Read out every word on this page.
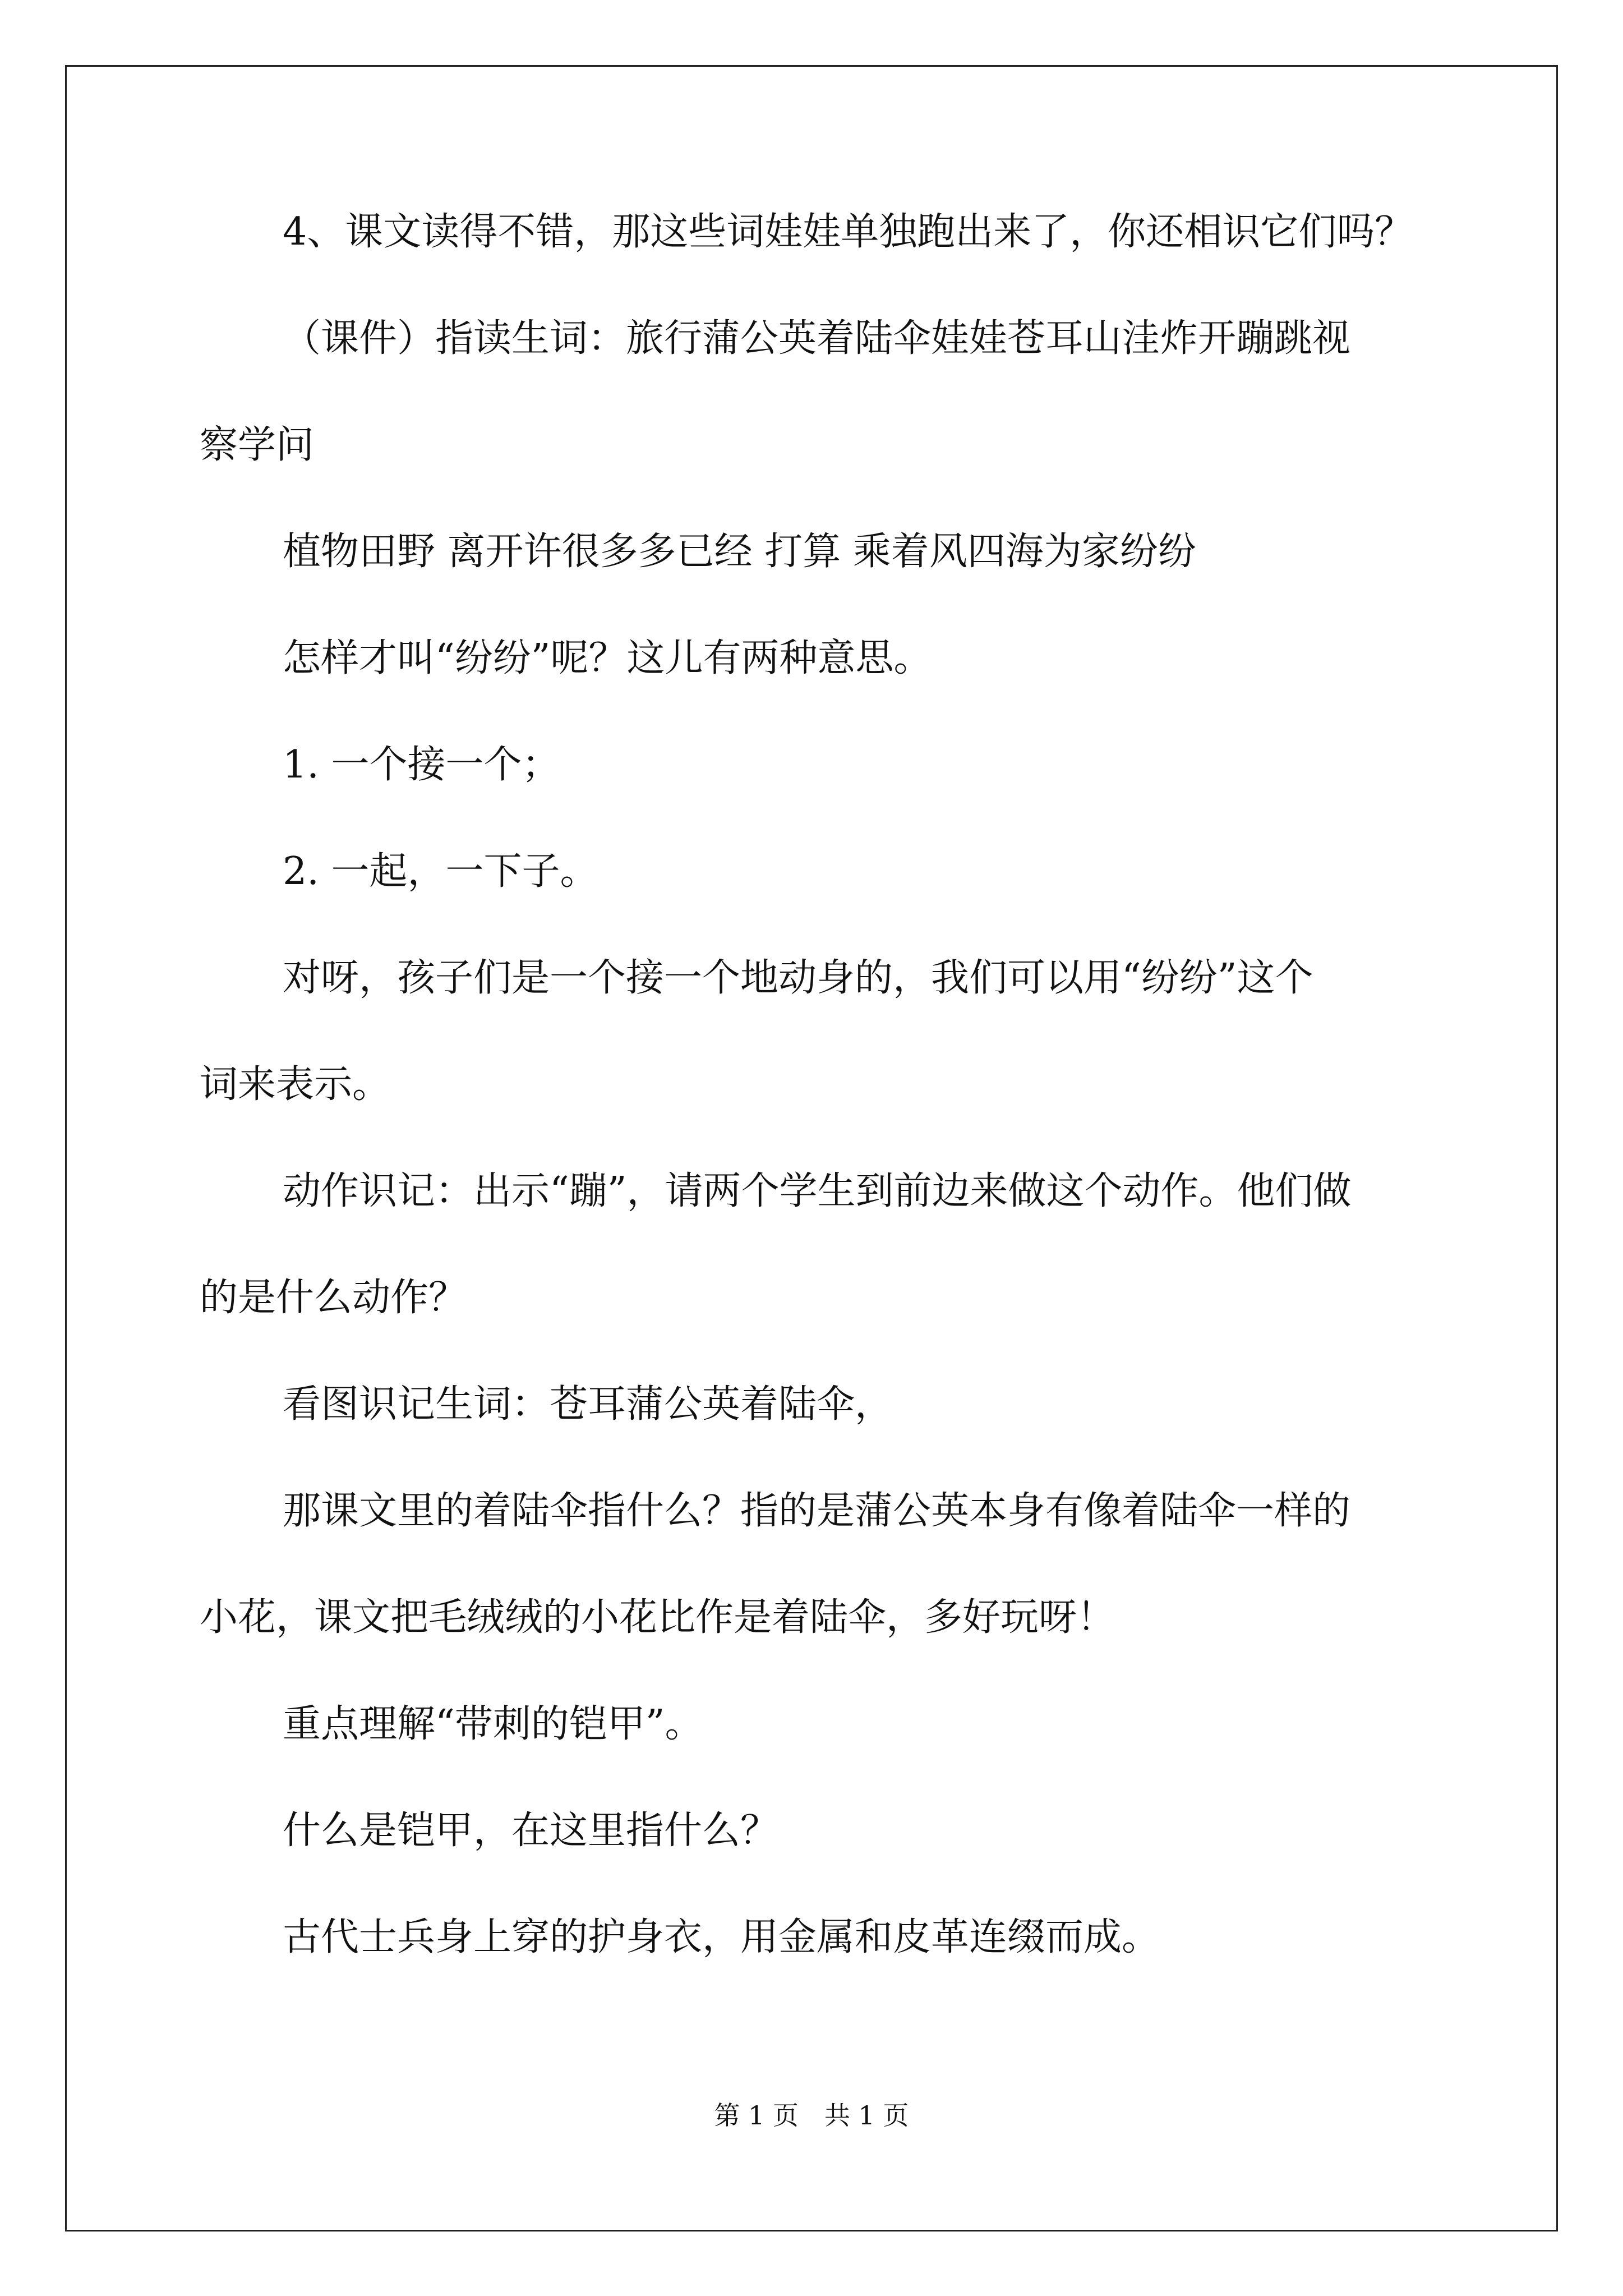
4、课文读得不错，那这些词娃娃单独跑出来了，你还相识它们吗？
（课件）指读生词：旅行蒲公英着陆伞娃娃苍耳山洼炸开蹦跳视
察学问
植物田野 离开许很多多已经 打算 乘着风四海为家纷纷
怎样才叫“纷纷”呢？这儿有两种意思。
1. 一个接一个；
2. 一起，一下子。
对呀，孩子们是一个接一个地动身的，我们可以用“纷纷”这个
词来表示。
动作识记：出示“蹦”，请两个学生到前边来做这个动作。他们做
的是什么动作？
看图识记生词：苍耳蒲公英着陆伞，
那课文里的着陆伞指什么？指的是蒲公英本身有像着陆伞一样的
小花，课文把毛绒绒的小花比作是着陆伞，多好玩呀！
重点理解“带刺的铠甲”。
什么是铠甲，在这里指什么？
古代士兵身上穿的护身衣，用金属和皮革连缀而成。
第 1 页　共 1 页
